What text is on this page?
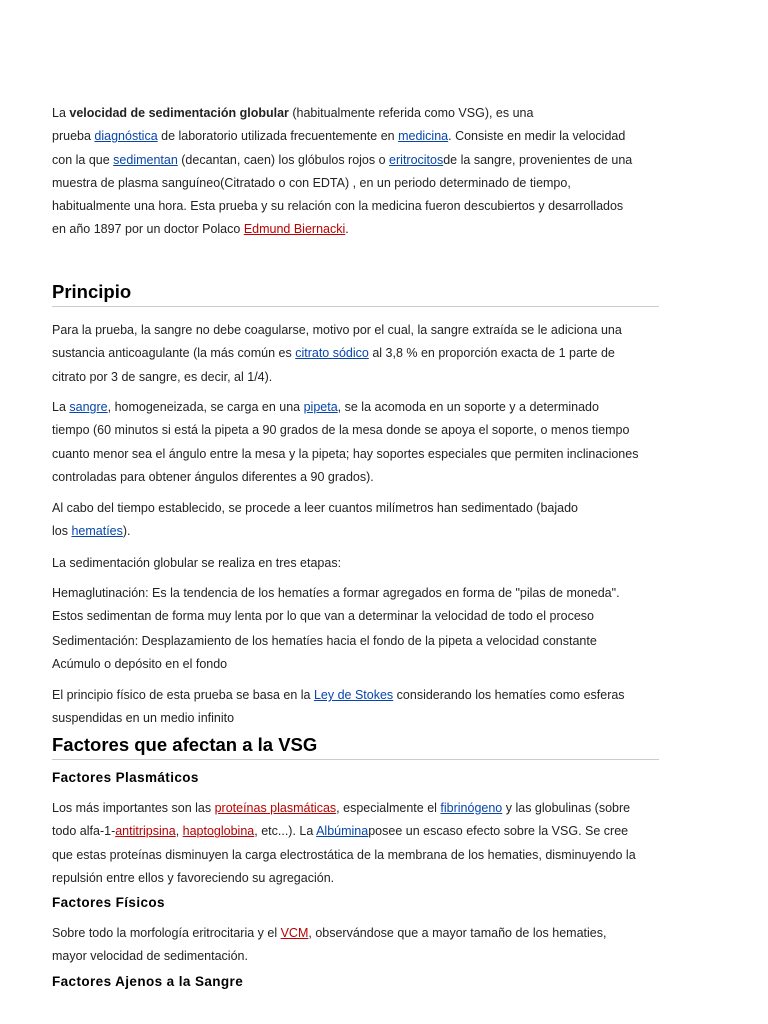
La velocidad de sedimentación globular (habitualmente referida como VSG), es una

prueba diagnóstica de laboratorio utilizada frecuentemente en medicina. Consiste en medir la velocidad

con la que sedimentan (decantan, caen) los glóbulos rojos o eritrocitosde la sangre, provenientes de una

muestra de plasma sanguíneo(Citratado o con EDTA) , en un periodo determinado de tiempo,

habitualmente una hora. Esta prueba y su relación con la medicina fueron descubiertos y desarrollados

en año 1897 por un doctor Polaco Edmund Biernacki.

Principio

Para la prueba, la sangre no debe coagularse, motivo por el cual, la sangre extraída se le adiciona una

sustancia anticoagulante (la más común es citrato sódico al 3,8 % en proporción exacta de 1 parte de

citrato por 3 de sangre, es decir, al 1/4).

La sangre, homogeneizada, se carga en una pipeta, se la acomoda en un soporte y a determinado

tiempo (60 minutos si está la pipeta a 90 grados de la mesa donde se apoya el soporte, o menos tiempo

cuanto menor sea el ángulo entre la mesa y la pipeta; hay soportes especiales que permiten inclinaciones

controladas para obtener ángulos diferentes a 90 grados).

Al cabo del tiempo establecido, se procede a leer cuantos milímetros han sedimentado (bajado

los hematíes).

La sedimentación globular se realiza en tres etapas:

Hemaglutinación: Es la tendencia de los hematíes a formar agregados en forma de "pilas de moneda".

Estos sedimentan de forma muy lenta por lo que van a determinar la velocidad de todo el proceso

Sedimentación: Desplazamiento de los hematíes hacia el fondo de la pipeta a velocidad constante

Acúmulo o depósito en el fondo

El principio físico de esta prueba se basa en la Ley de Stokes considerando los hematíes como esferas

suspendidas en un medio infinito

Factores que afectan a la VSG
Factores Plasmáticos

Los más importantes son las proteínas plasmáticas, especialmente el fibrinógeno y las globulinas (sobre

todo alfa-1-antitripsina, haptoglobina, etc...). La Albúminaposee un escaso efecto sobre la VSG. Se cree

que estas proteínas disminuyen la carga electrostática de la membrana de los hematies, disminuyendo la

repulsión entre ellos y favoreciendo su agregación.

Factores Físicos

Sobre todo la morfología eritrocitaria y el VCM, observándose que a mayor tamaño de los hematies,

mayor velocidad de sedimentación.

Factores Ajenos a la Sangre
